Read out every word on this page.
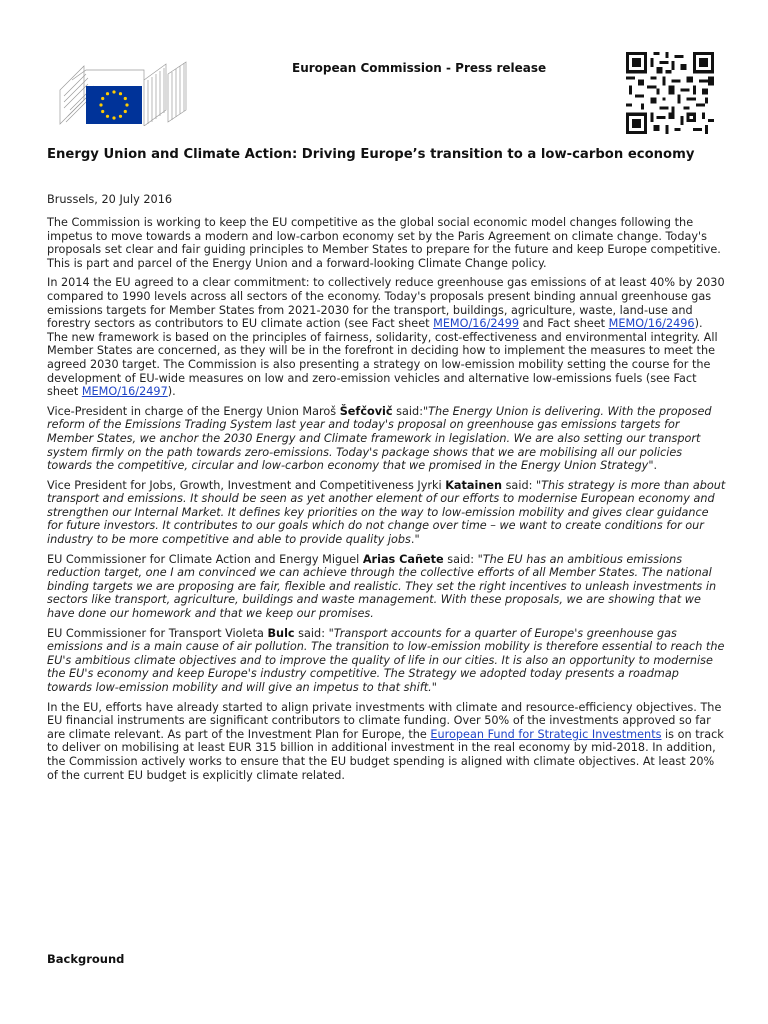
European Commission - Press release
Energy Union and Climate Action: Driving Europe’s transition to a low-carbon economy
Brussels, 20 July 2016

The Commission is working to keep the EU competitive as the global social economic model changes following the impetus to move towards a modern and low-carbon economy set by the Paris Agreement on climate change. Today's proposals set clear and fair guiding principles to Member States to prepare for the future and keep Europe competitive. This is part and parcel of the Energy Union and a forward-looking Climate Change policy.

In 2014 the EU agreed to a clear commitment: to collectively reduce greenhouse gas emissions of at least 40% by 2030 compared to 1990 levels across all sectors of the economy. Today's proposals present binding annual greenhouse gas emissions targets for Member States from 2021-2030 for the transport, buildings, agriculture, waste, land-use and forestry sectors as contributors to EU climate action (see Fact sheet MEMO/16/2499 and Fact sheet MEMO/16/2496). The new framework is based on the principles of fairness, solidarity, cost-effectiveness and environmental integrity. All Member States are concerned, as they will be in the forefront in deciding how to implement the measures to meet the agreed 2030 target. The Commission is also presenting a strategy on low-emission mobility setting the course for the development of EU-wide measures on low and zero-emission vehicles and alternative low-emissions fuels (see Fact sheet MEMO/16/2497).

Vice-President in charge of the Energy Union Maroš Šefčovič said:"The Energy Union is delivering. With the proposed reform of the Emissions Trading System last year and today's proposal on greenhouse gas emissions targets for Member States, we anchor the 2030 Energy and Climate framework in legislation. We are also setting our transport system firmly on the path towards zero-emissions. Today's package shows that we are mobilising all our policies towards the competitive, circular and low-carbon economy that we promised in the Energy Union Strategy".

Vice President for Jobs, Growth, Investment and Competitiveness Jyrki Katainen said: "This strategy is more than about transport and emissions. It should be seen as yet another element of our efforts to modernise European economy and strengthen our Internal Market. It defines key priorities on the way to low-emission mobility and gives clear guidance for future investors. It contributes to our goals which do not change over time – we want to create conditions for our industry to be more competitive and able to provide quality jobs."

EU Commissioner for Climate Action and Energy Miguel Arias Cañete said: "The EU has an ambitious emissions reduction target, one I am convinced we can achieve through the collective efforts of all Member States. The national binding targets we are proposing are fair, flexible and realistic. They set the right incentives to unleash investments in sectors like transport, agriculture, buildings and waste management. With these proposals, we are showing that we have done our homework and that we keep our promises.

EU Commissioner for Transport Violeta Bulc said: "Transport accounts for a quarter of Europe's greenhouse gas emissions and is a main cause of air pollution. The transition to low-emission mobility is therefore essential to reach the EU's ambitious climate objectives and to improve the quality of life in our cities. It is also an opportunity to modernise the EU's economy and keep Europe's industry competitive. The Strategy we adopted today presents a roadmap towards low-emission mobility and will give an impetus to that shift."

In the EU, efforts have already started to align private investments with climate and resource-efficiency objectives. The EU financial instruments are significant contributors to climate funding. Over 50% of the investments approved so far are climate relevant. As part of the Investment Plan for Europe, the European Fund for Strategic Investments is on track to deliver on mobilising at least EUR 315 billion in additional investment in the real economy by mid-2018. In addition, the Commission actively works to ensure that the EU budget spending is aligned with climate objectives. At least 20% of the current EU budget is explicitly climate related.

Background
